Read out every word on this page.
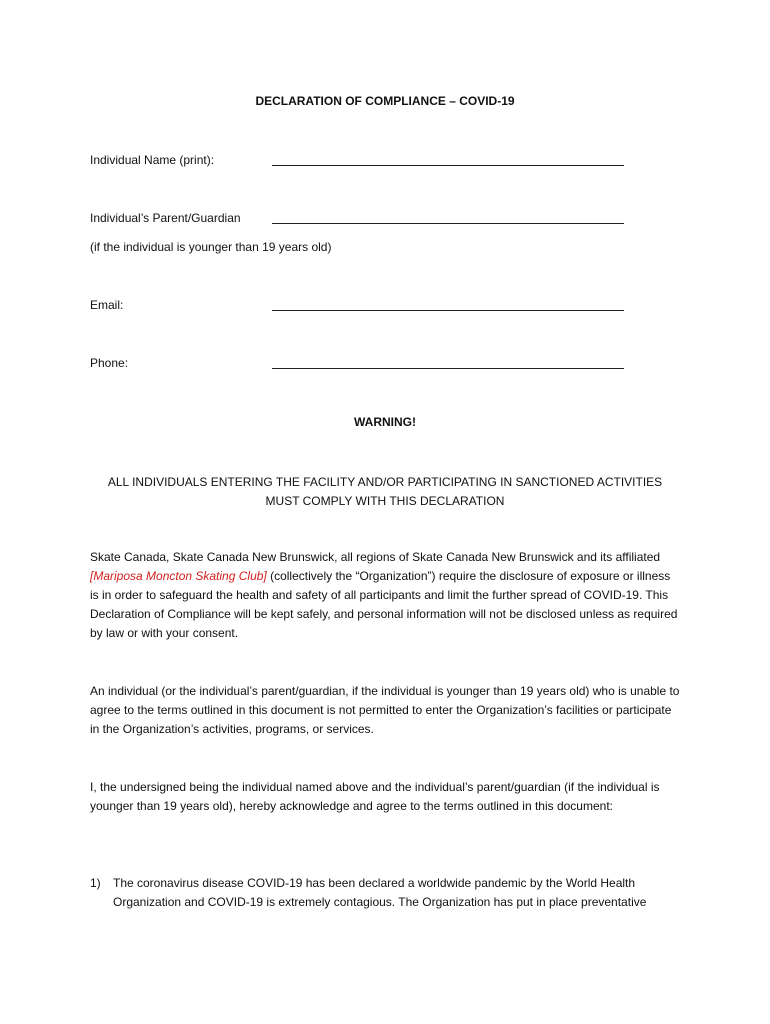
DECLARATION OF COMPLIANCE – COVID-19
Individual Name (print):
Individual’s Parent/Guardian
(if the individual is younger than 19 years old)
Email:
Phone:
WARNING!
ALL INDIVIDUALS ENTERING THE FACILITY AND/OR PARTICIPATING IN SANCTIONED ACTIVITIES MUST COMPLY WITH THIS DECLARATION
Skate Canada, Skate Canada New Brunswick, all regions of Skate Canada New Brunswick and its affiliated [Mariposa Moncton Skating Club] (collectively the “Organization”) require the disclosure of exposure or illness is in order to safeguard the health and safety of all participants and limit the further spread of COVID-19. This Declaration of Compliance will be kept safely, and personal information will not be disclosed unless as required by law or with your consent.
An individual (or the individual’s parent/guardian, if the individual is younger than 19 years old) who is unable to agree to the terms outlined in this document is not permitted to enter the Organization’s facilities or participate in the Organization’s activities, programs, or services.
I, the undersigned being the individual named above and the individual’s parent/guardian (if the individual is younger than 19 years old), hereby acknowledge and agree to the terms outlined in this document:
1) The coronavirus disease COVID-19 has been declared a worldwide pandemic by the World Health Organization and COVID-19 is extremely contagious. The Organization has put in place preventative
